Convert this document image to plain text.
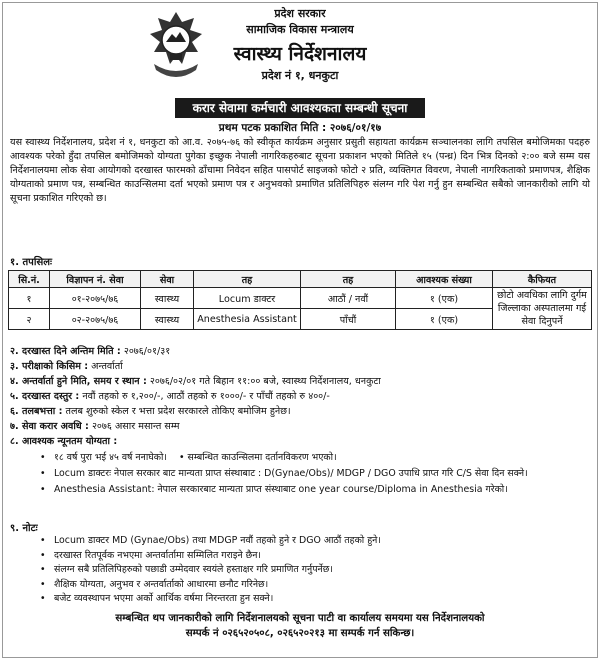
प्रदेश सरकार
सामाजिक विकास मन्त्रालय
स्वास्थ्य निर्देशनालय
प्रदेश नं १, धनकुटा
करार सेवामा कर्मचारी आवश्यकता सम्बन्धी सूचना
प्रथम पटक प्रकाशित मिति : २०७६/०१/१७
यस स्वास्थ्य निर्देशनालय, प्रदेश नं १, धनकुटा को आ.व. २०७५-७६ को स्वीकृत कार्यक्रम अनुसार प्रसुती सहायता कार्यक्रम सञ्चालनका लागि तपसिल बमोजिमका पदहरु आवश्यक परेको हुँदा तपसिल बमोजिमको योग्यता पुगेका इच्छुक नेपाली नागरिकहरुबाट सूचना प्रकाशन भएको मितिले १५ (पन्ध्र) दिन भित्र दिनको २:०० बजे सम्म यस निर्देशनालयमा लोक सेवा आयोगको दरखास्त फारमको ढाँचामा निवेदन सहित पासपोर्ट साइजको फोटो २ प्रति, व्यक्तिगत विवरण, नेपाली नागरिकताको प्रमाणपत्र, शैक्षिक योग्यताको प्रमाण पत्र, सम्बन्धित काउन्सिलमा दर्ता भएको प्रमाण पत्र र अनुभवको प्रमाणित प्रतिलिपिहरु संलग्न गरि पेश गर्नु हुन सम्बन्धित सबैको जानकारीको लागि यो सूचना प्रकाशित गरिएको छ।
१. तपसिलः
सि.नं.	विज्ञापन नं. सेवा	सेवा	तह	तह	आवश्यक संख्या	कैफियत
१	०१-२०७५/७६	स्वास्थ्य	Locum डाक्टर	आठौं / नवौं	१ (एक)	छोटो अवधिका लागि दुर्गम जिल्लाका अस्पतालमा गई सेवा दिनुपर्ने
२	०२-२०७५/७६	स्वास्थ्य	Anesthesia Assistant	पाँचौं	१ (एक)	
२. दरखास्त दिने अन्तिम मिति : २०७६/०१/३१
३. परीक्षाको किसिम : अन्तर्वार्ता
४. अन्तर्वार्ता हुने मिति, समय र स्थान : २०७६/०२/०१ गते बिहान ११:०० बजे, स्वास्थ्य निर्देशनालय, धनकुटा
५. दरखास्त दस्तुर : नवौं तहको रु १,२००/-, आठौं तहको रु १०००/- र पाँचौं तहको रु ४००/-
६. तलबभत्ता : तलब शुरुको स्केल र भत्ता प्रदेश सरकारले तोकिए बमोजिम हुनेछ।
७. सेवा करार अवधि : २०७६ असार मसान्त सम्म
८. आवश्यक न्यूनतम योग्यता :
• १८ वर्ष पुरा भई ४५ वर्ष ननाघेको। • सम्बन्धित काउन्सिलमा दर्तानविकरण भएको।
• Locum डाक्टरः नेपाल सरकार बाट मान्यता प्राप्त संस्थाबाट : D(Gynae/Obs)/ MDGP / DGO उपाधि प्राप्त गरि C/S सेवा दिन सक्ने।
• Anesthesia Assistant: नेपाल सरकारबाट मान्यता प्राप्त संस्थाबाट one year course/Diploma in Anesthesia गरेको।
९. नोटः
• Locum डाक्टर MD (Gynae/Obs) तथा MDGP नवौं तहको हुने र DGO आठौं तहको हुने।
• दरखास्त रितपूर्वक नभएमा अन्तर्वार्तामा सम्मिलित गराइने छैन।
• संलग्न सबै प्रतिलिपिहरुको पछाडी उम्मेदवार स्वयंले हस्ताक्षर गरि प्रमाणित गर्नुपर्नेछ।
• शैक्षिक योग्यता, अनुभव र अन्तर्वार्ताको आधारमा छनौट गरिनेछ।
• बजेट व्यवस्थापन भएमा अर्को आर्थिक वर्षमा निरन्तरता हुन सक्ने।
सम्बन्धित थप जानकारीको लागि निर्देशनालयको सूचना पाटी वा कार्यालय समयमा यस निर्देशनालयको
सम्पर्क नं ०२६५२०५०८, ०२६५२०२१३ मा सम्पर्क गर्न सकिन्छ।
